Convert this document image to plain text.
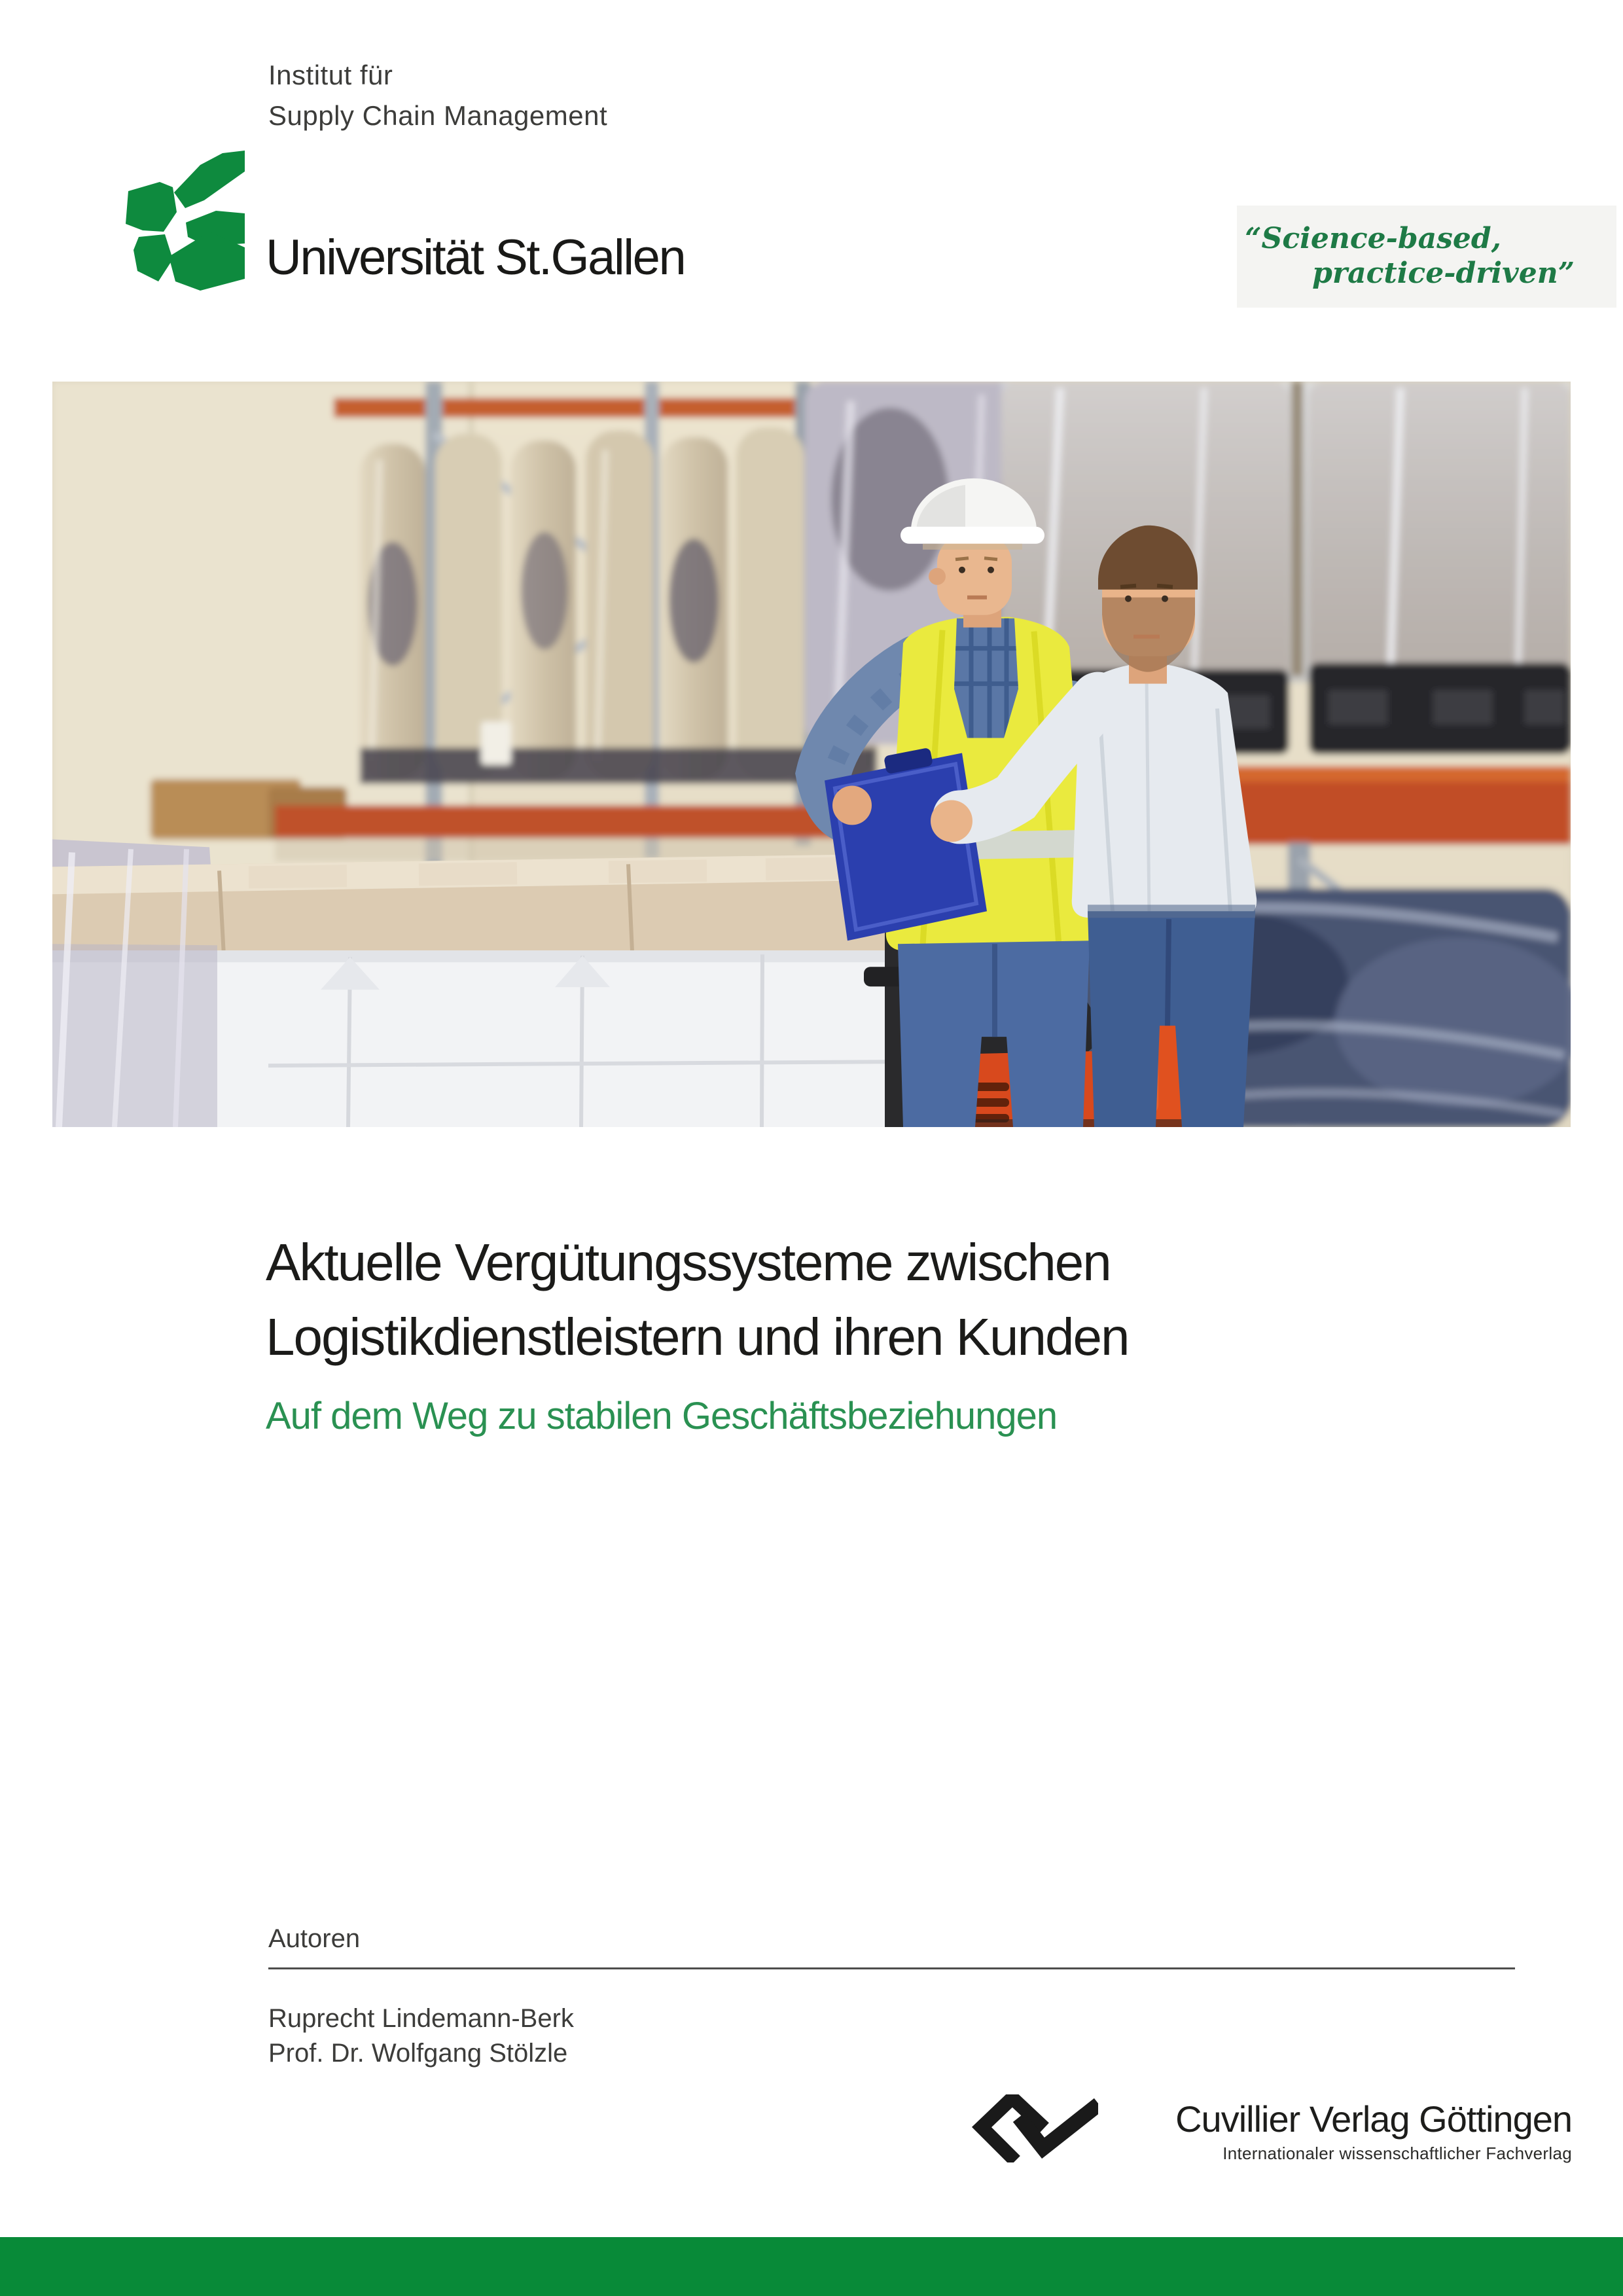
Institut für
Supply Chain Management
Universität St.Gallen	“Science-based,
practice-driven”
Aktuelle Vergütungssysteme zwischen
Logistikdienstleistern und ihren Kunden
Auf dem Weg zu stabilen Geschäftsbeziehungen
Autoren
Ruprecht Lindemann-Berk
Prof. Dr. Wolfgang Stölzle
Cuvillier Verlag Göttingen
Internationaler wissenschaftlicher Fachverlag
